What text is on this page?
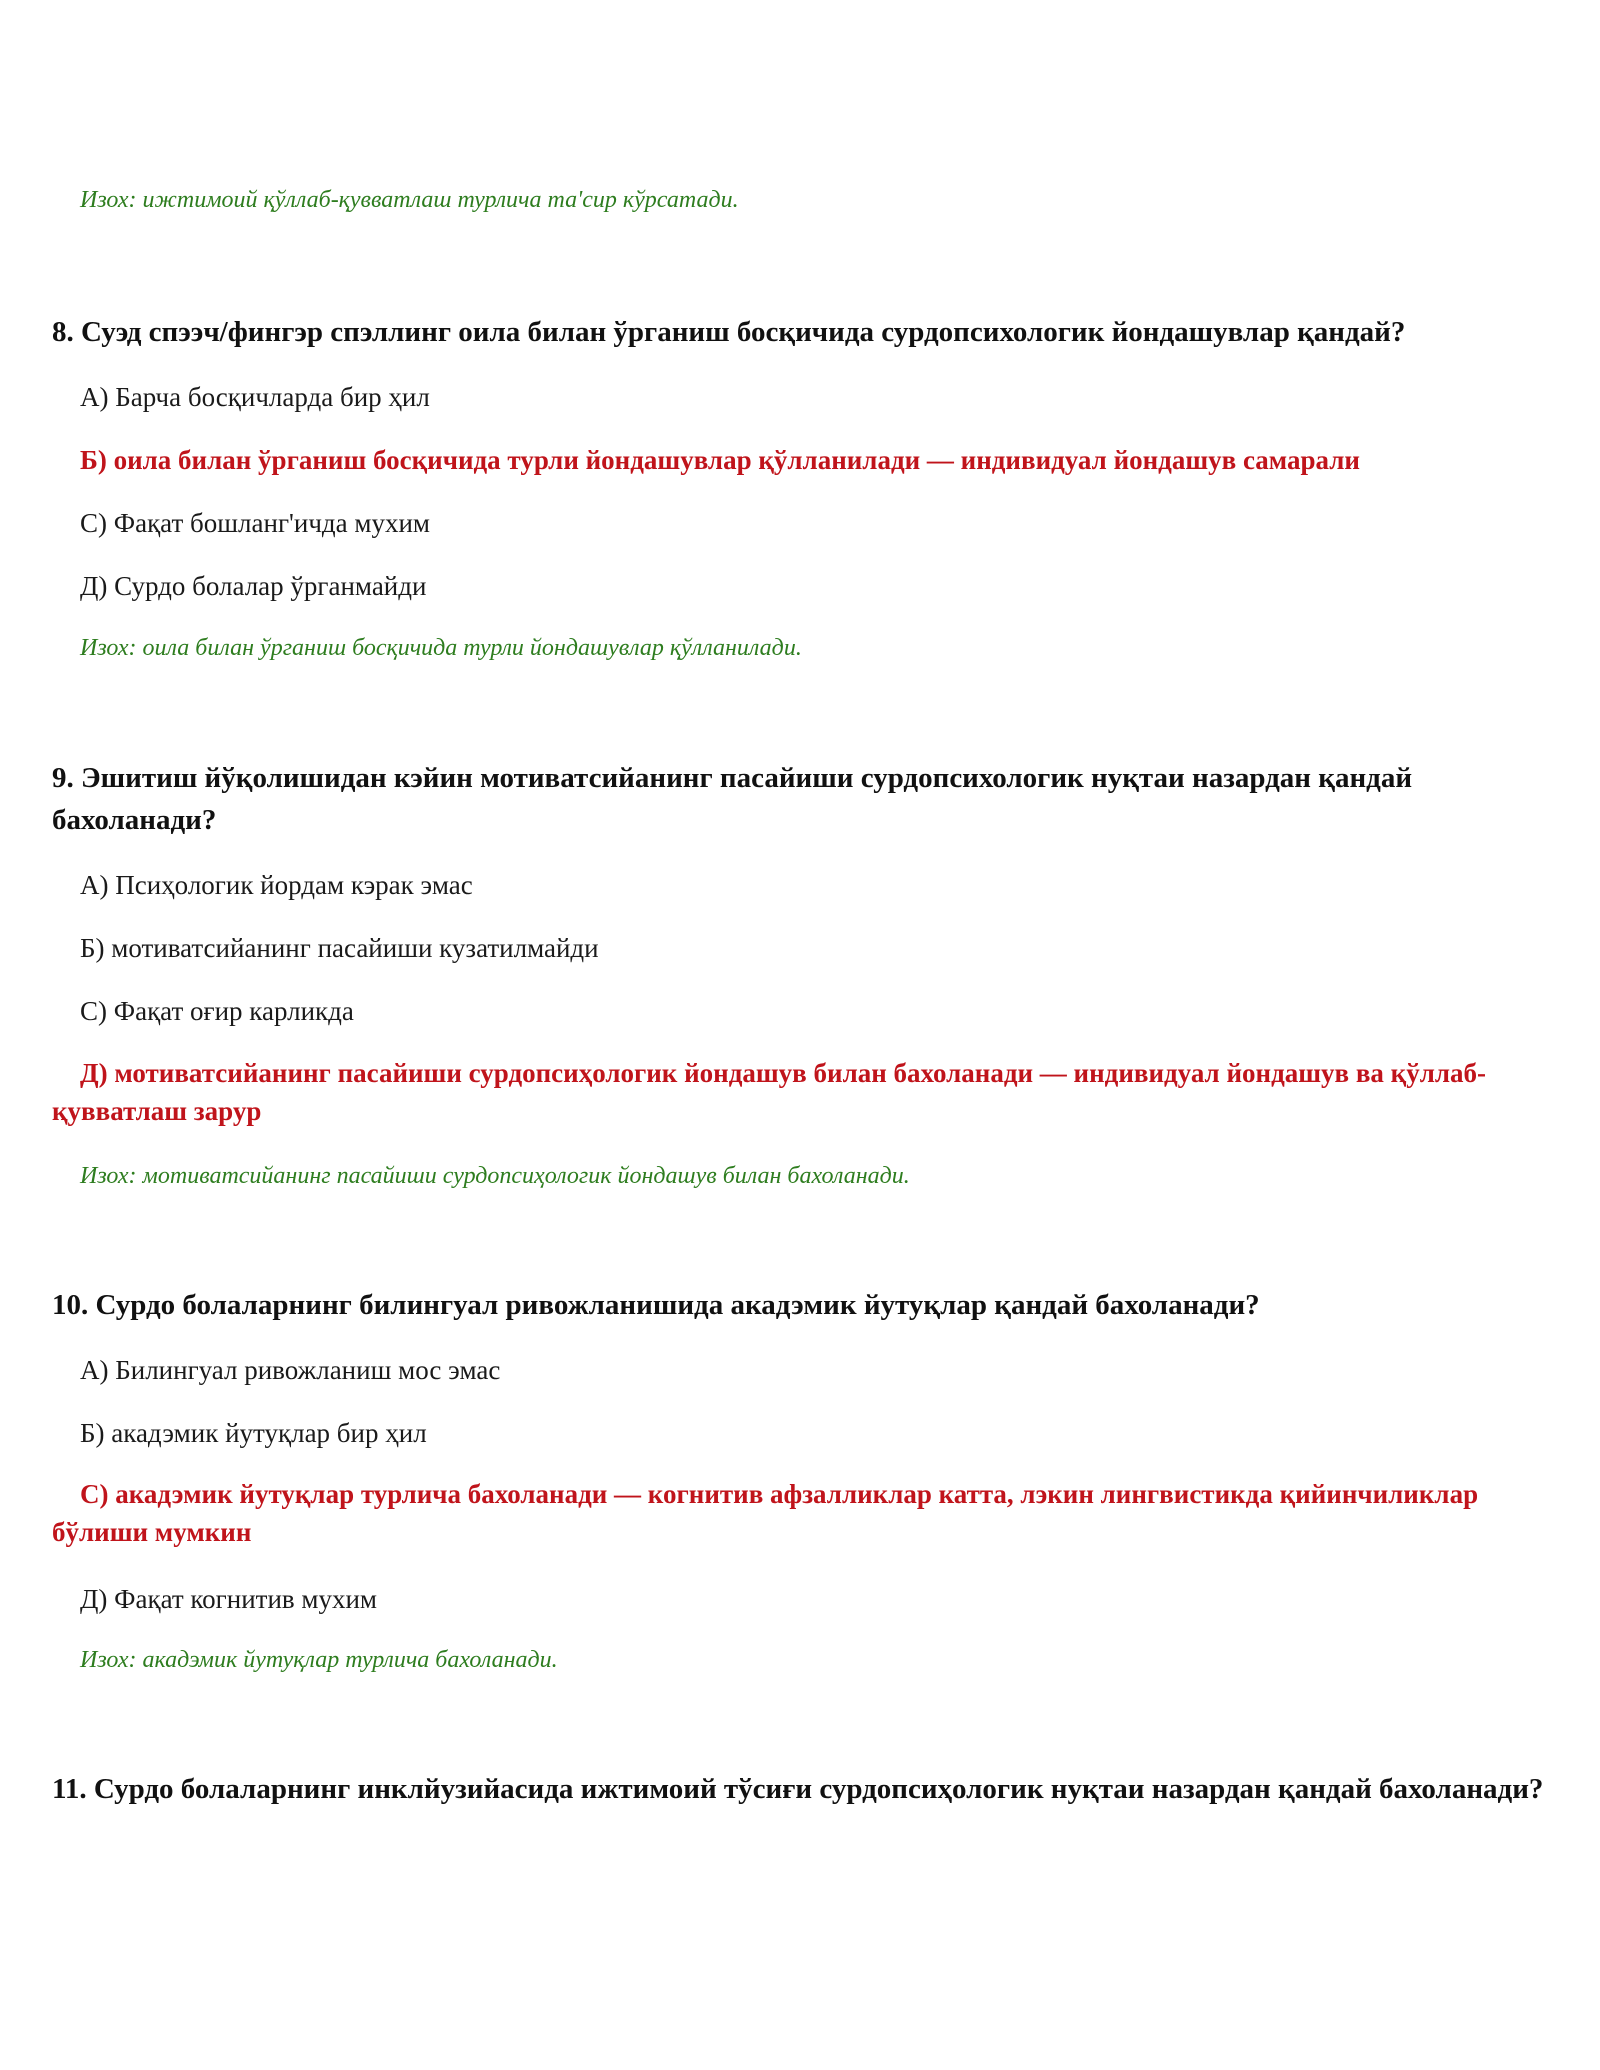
Изох: ижтимоий қўллаб-қувватлаш турлича та'сир кўрсатади.
8. Суэд спээч/фингэр спэллинг оила билан ўрганиш босқичида сурдопсихологик йондашувлар қандай?
А) Барча босқичларда бир ҳил
Б) оила билан ўрганиш босқичида турли йондашувлар қўлланилади — индивидуал йондашув самарали
С) Фақат бошланг'ичда мухим
Д) Сурдо болалар ўрганмайди
Изох: оила билан ўрганиш босқичида турли йондашувлар қўлланилади.
9. Эшитиш йўқолишидан кэйин мотиватсийанинг пасайиши сурдопсихологик нуқтаи назардан қандай бахоланади?
А) Псиҳологик йордам кэрак эмас
Б) мотиватсийанинг пасайиши кузатилмайди
С) Фақат оғир карликда
Д) мотиватсийанинг пасайиши сурдопсиҳологик йондашув билан бахоланади — индивидуал йондашув ва қўллаб-қувватлаш зарур
Изох: мотиватсийанинг пасайиши сурдопсиҳологик йондашув билан бахоланади.
10. Сурдо болаларнинг билингуал ривожланишида акадэмик йутуқлар қандай бахоланади?
А) Билингуал ривожланиш мос эмас
Б) акадэмик йутуқлар бир ҳил
С) акадэмик йутуқлар турлича бахоланади — когнитив афзалликлар катта, лэкин лингвистикда қийинчиликлар бўлиши мумкин
Д) Фақат когнитив мухим
Изох: акадэмик йутуқлар турлича бахоланади.
11. Сурдо болаларнинг инклйузийасида ижтимоий тўсиғи сурдопсиҳологик нуқтаи назардан қандай бахоланади?
